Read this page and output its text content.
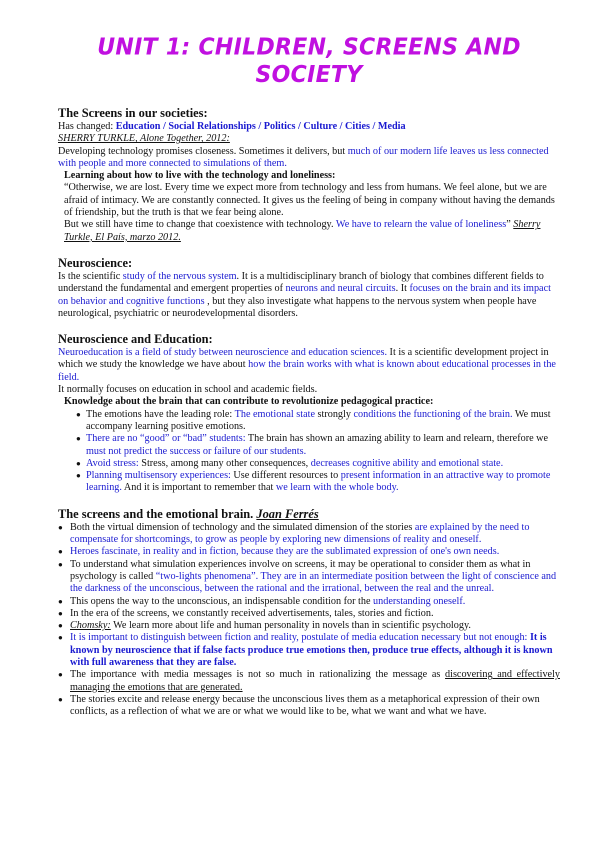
UNIT 1: CHILDREN, SCREENS AND SOCIETY
The Screens in our societies:

Has changed: Education / Social Relationships / Politics / Culture / Cities / Media

SHERRY TURKLE, Alone Together, 2012:

Developing technology promises closeness. Sometimes it delivers, but much of our modern life leaves us less connected with people and more connected to simulations of them.

Learning about how to live with the technology and loneliness:

“Otherwise, we are lost. Every time we expect more from technology and less from humans. We feel alone, but we are afraid of intimacy. We are constantly connected. It gives us the feeling of being in company without having the demands of friendship, but the truth is that we fear being alone.

But we still have time to change that coexistence with technology. We have to relearn the value of loneliness” Sherry Turkle, El País, marzo 2012.

Neuroscience:

Is the scientific study of the nervous system. It is a multidisciplinary branch of biology that combines different fields to understand the fundamental and emergent properties of neurons and neural circuits. It focuses on the brain and its impact on behavior and cognitive functions , but they also investigate what happens to the nervous system when people have neurological, psychiatric or neurodevelopmental disorders.

Neuroscience and Education:

Neuroeducation is a field of study between neuroscience and education sciences. It is a scientific development project in which we study the knowledge we have about how the brain works with what is known about educational processes in the field.

It normally focuses on education in school and academic fields.

Knowledge about the brain that can contribute to revolutionize pedagogical practice:

● The emotions have the leading role: The emotional state strongly conditions the functioning of the brain. We must accompany learning positive emotions.
● There are no “good” or “bad” students: The brain has shown an amazing ability to learn and relearn, therefore we must not predict the success or failure of our students.
● Avoid stress: Stress, among many other consequences, decreases cognitive ability and emotional state.
● Planning multisensory experiences: Use different resources to present information in an attractive way to promote learning. And it is important to remember that we learn with the whole body.
The screens and the emotional brain. Joan Ferrés
● Both the virtual dimension of technology and the simulated dimension of the stories are explained by the need to compensate for shortcomings, to grow as people by exploring new dimensions of reality and oneself.
● Heroes fascinate, in reality and in fiction, because they are the sublimated expression of one's own needs.
● To understand what simulation experiences involve on screens, it may be operational to consider them as what in psychology is called “two-lights phenomena”. They are in an intermediate position between the light of conscience and the darkness of the unconscious, between the rational and the irrational, between the real and the unreal.
● This opens the way to the unconscious, an indispensable condition for the understanding oneself.
● In the era of the screens, we constantly received advertisements, tales, stories and fiction.
● Chomsky: We learn more about life and human personality in novels than in scientific psychology.
● It is important to distinguish between fiction and reality, postulate of media education necessary but not enough: It is known by neuroscience that if false facts produce true emotions then, produce true effects, although it is known with full awareness that they are false.
● The importance with media messages is not so much in rationalizing the message as discovering and effectively managing the emotions that are generated.
● The stories excite and release energy because the unconscious lives them as a metaphorical expression of their own conflicts, as a reflection of what we are or what we would like to be, what we want and what we have.
